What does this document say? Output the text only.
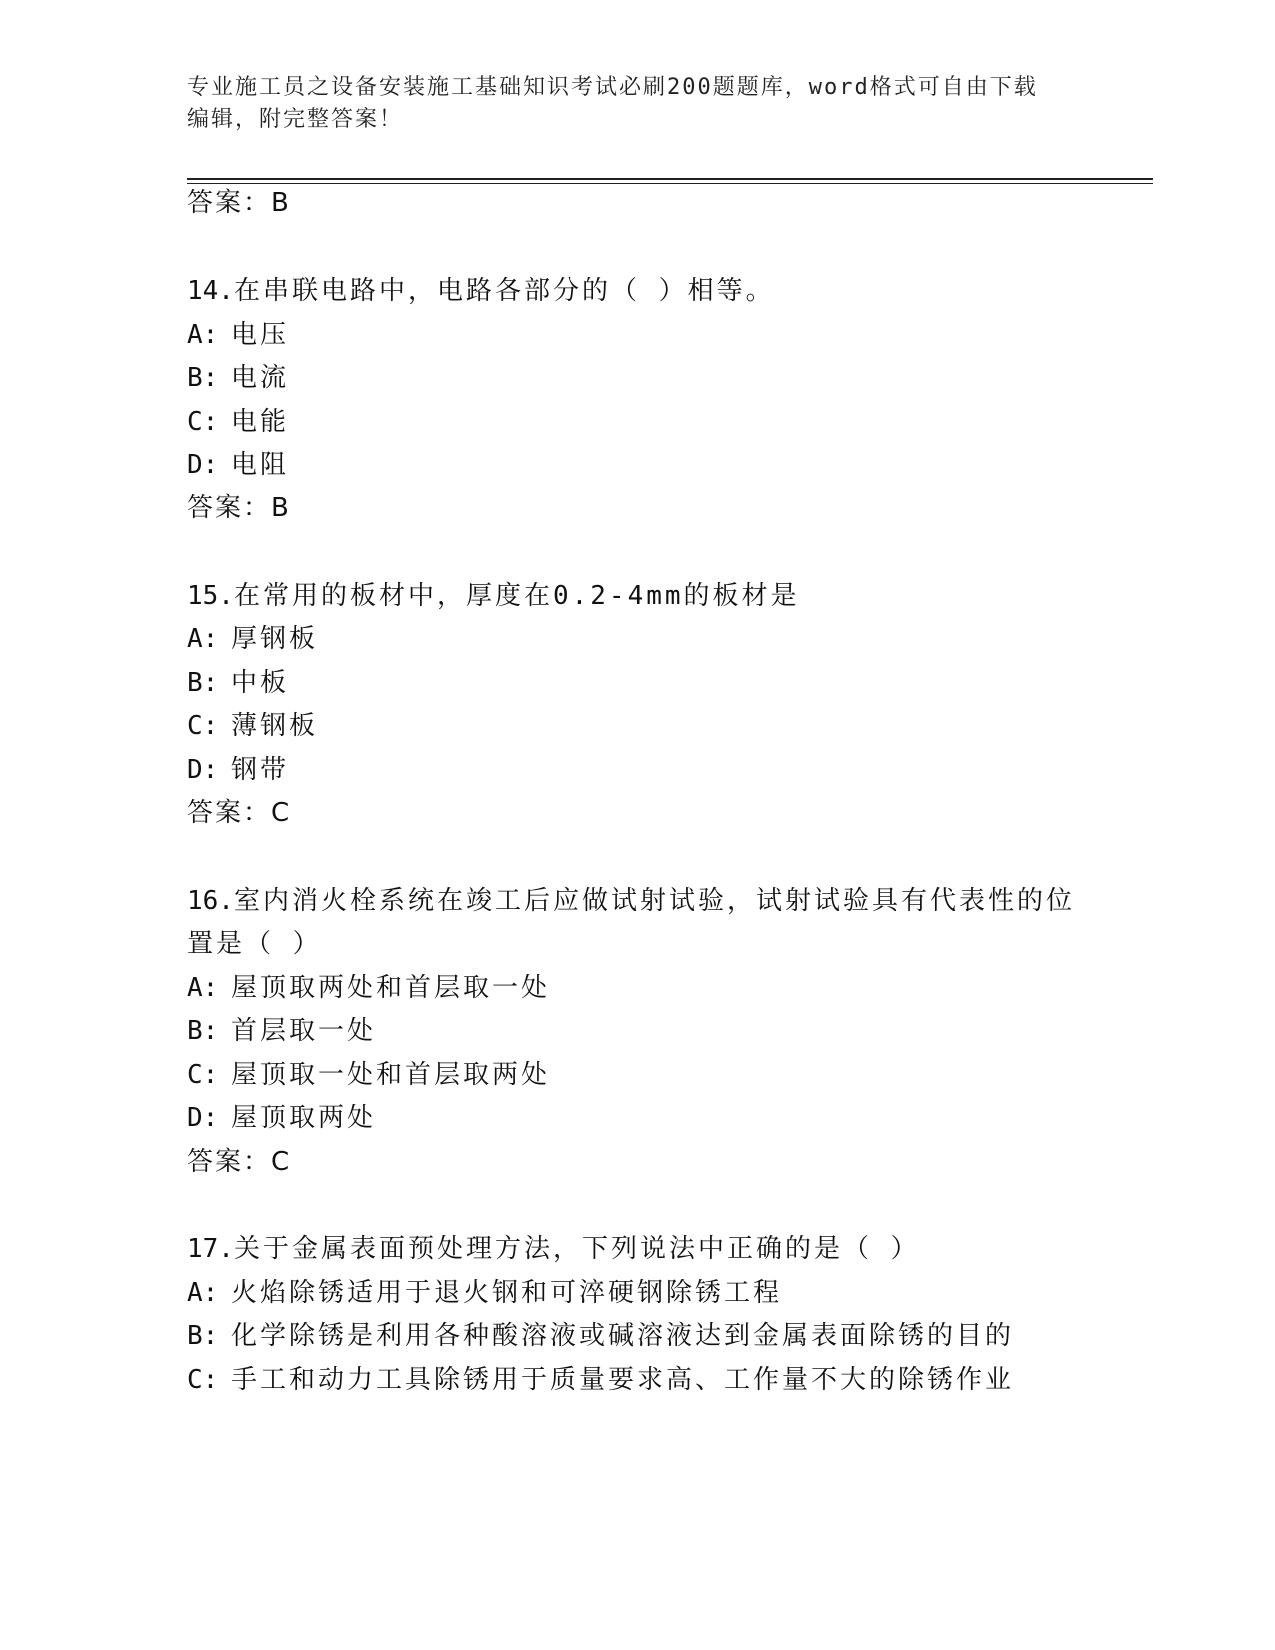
专业施工员之设备安装施工基础知识考试必刷200题题库，word格式可自由下载
编辑，附完整答案！
答案：B
14.在串联电路中，电路各部分的（ ）相等。
A: 电压
B: 电流
C: 电能
D: 电阻
答案：B
15.在常用的板材中，厚度在0.2-4mm的板材是
A: 厚钢板
B: 中板
C: 薄钢板
D: 钢带
答案：C
16.室内消火栓系统在竣工后应做试射试验，试射试验具有代表性的位
置是（ ）
A: 屋顶取两处和首层取一处
B: 首层取一处
C: 屋顶取一处和首层取两处
D: 屋顶取两处
答案：C
17.关于金属表面预处理方法，下列说法中正确的是（ ）
A: 火焰除锈适用于退火钢和可淬硬钢除锈工程
B: 化学除锈是利用各种酸溶液或碱溶液达到金属表面除锈的目的
C: 手工和动力工具除锈用于质量要求高、工作量不大的除锈作业
